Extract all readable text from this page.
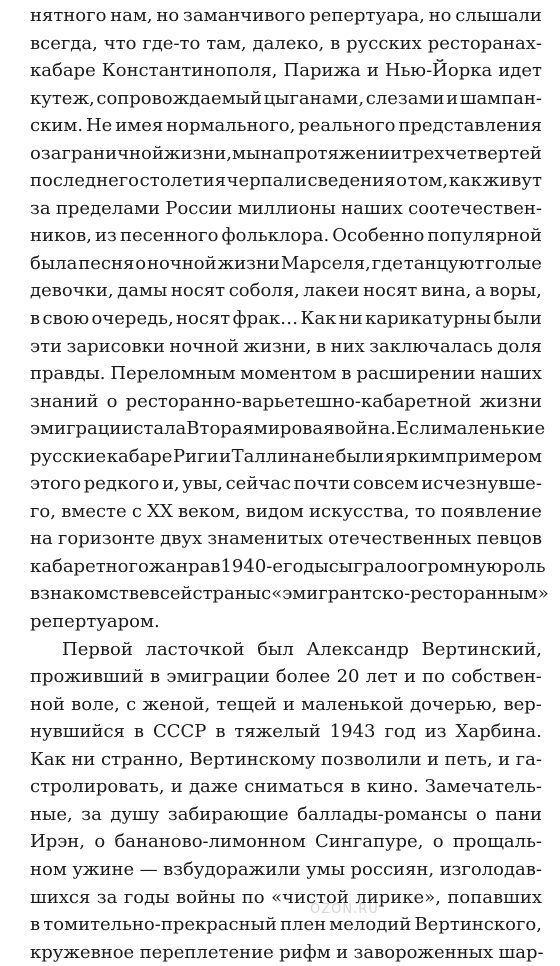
нятного нам, но заманчивого репертуара, но слышали
всегда, что где-то там, далеко, в русских ресторанах-
кабаре Константинополя, Парижа и Нью-Йорка идет
кутеж, сопровождаемый цыганами, слезами и шампан-
ским. Не имея нормального, реального представления
о заграничной жизни, мы на протяжении трех четвертей
последнего столетия черпали сведения о том, как живут
за пределами России миллионы наших соотечествен-
ников, из песенного фольклора. Особенно популярной
была песня о ночной жизни Марселя, где танцуют голые
девочки, дамы носят соболя, лакеи носят вина, а воры,
в свою очередь, носят фрак… Как ни карикатурны были
эти зарисовки ночной жизни, в них заключалась доля
правды. Переломным моментом в расширении наших
знаний о ресторанно-варьетешно-кабаретной жизни
эмиграции стала Вторая мировая война. Если маленькие
русские кабаре Риги и Таллина не были ярким примером
этого редкого и, увы, сейчас почти совсем исчезнувше-
го, вместе с XX веком, видом искусства, то появление
на горизонте двух знаменитых отечественных певцов
кабаретного жанра в 1940-е годы сыграло огромную роль
в знакомстве всей страны с «эмигрантско-ресторанным»
репертуаром.
Первой ласточкой был Александр Вертинский,
проживший в эмиграции более 20 лет и по собствен-
ной воле, с женой, тещей и маленькой дочерью, вер-
нувшийся в СССР в тяжелый 1943 год из Харбина.
Как ни странно, Вертинскому позволили и петь, и га-
стролировать, и даже сниматься в кино. Замечатель-
ные, за душу забирающие баллады-романсы о пани
Ирэн, о бананово-лимонном Сингапуре, о прощаль-
ном ужине — взбудоражили умы россиян, изголодав-
шихся за годы войны по «чистой лирике», попавших
в томительно-прекрасный плен мелодий Вертинского,
кружевное переплетение рифм и завороженных шар-
OZON.RU
